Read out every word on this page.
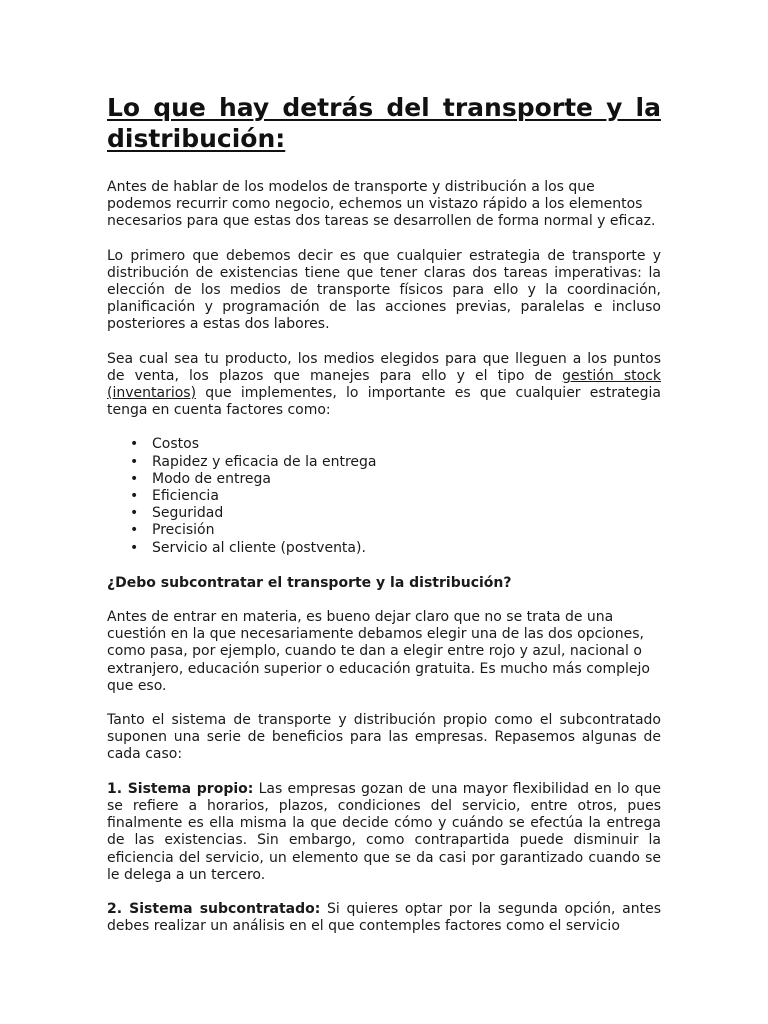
Lo que hay detrás del transporte y la distribución:

Antes de hablar de los modelos de transporte y distribución a los que podemos recurrir como negocio, echemos un vistazo rápido a los elementos necesarios para que estas dos tareas se desarrollen de forma normal y eficaz.

Lo primero que debemos decir es que cualquier estrategia de transporte y distribución de existencias tiene que tener claras dos tareas imperativas: la elección de los medios de transporte físicos para ello y la coordinación, planificación y programación de las acciones previas, paralelas e incluso posteriores a estas dos labores.

Sea cual sea tu producto, los medios elegidos para que lleguen a los puntos de venta, los plazos que manejes para ello y el tipo de gestión stock (inventarios) que implementes, lo importante es que cualquier estrategia tenga en cuenta factores como:

• Costos
• Rapidez y eficacia de la entrega
• Modo de entrega
• Eficiencia
• Seguridad
• Precisión
• Servicio al cliente (postventa).

¿Debo subcontratar el transporte y la distribución?

Antes de entrar en materia, es bueno dejar claro que no se trata de una cuestión en la que necesariamente debamos elegir una de las dos opciones, como pasa, por ejemplo, cuando te dan a elegir entre rojo y azul, nacional o extranjero, educación superior o educación gratuita. Es mucho más complejo que eso.

Tanto el sistema de transporte y distribución propio como el subcontratado suponen una serie de beneficios para las empresas. Repasemos algunas de cada caso:

1. Sistema propio: Las empresas gozan de una mayor flexibilidad en lo que se refiere a horarios, plazos, condiciones del servicio, entre otros, pues finalmente es ella misma la que decide cómo y cuándo se efectúa la entrega de las existencias. Sin embargo, como contrapartida puede disminuir la eficiencia del servicio, un elemento que se da casi por garantizado cuando se le delega a un tercero.

2. Sistema subcontratado: Si quieres optar por la segunda opción, antes debes realizar un análisis en el que contemples factores como el servicio
